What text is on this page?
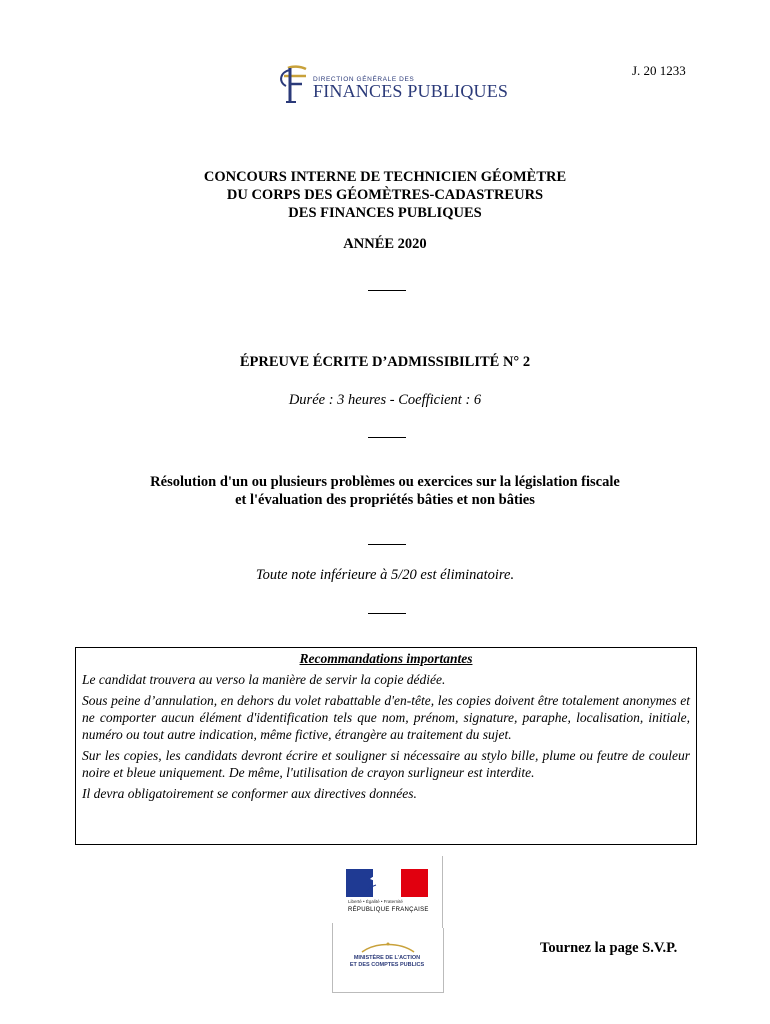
J. 20 1233
DIRECTION GÉNÉRALE DES
FINANCES PUBLIQUES
CONCOURS INTERNE DE TECHNICIEN GÉOMÈTRE
DU CORPS DES GÉOMÈTRES-CADASTREURS
DES FINANCES PUBLIQUES
ANNÉE 2020
ÉPREUVE ÉCRITE D’ADMISSIBILITÉ N° 2
Durée : 3 heures - Coefficient : 6
Résolution d'un ou plusieurs problèmes ou exercices sur la législation fiscale
et l'évaluation des propriétés bâties et non bâties
Toute note inférieure à 5/20 est éliminatoire.
Recommandations importantes

Le candidat trouvera au verso la manière de servir la copie dédiée.

Sous peine d’annulation, en dehors du volet rabattable d'en-tête, les copies doivent être totalement anonymes et ne comporter aucun élément d'identification tels que nom, prénom, signature, paraphe, localisation, initiale, numéro ou tout autre indication, même fictive, étrangère au traitement du sujet.

Sur les copies, les candidats devront écrire et souligner si nécessaire au stylo bille, plume ou feutre de couleur noire et bleue uniquement. De même, l'utilisation de crayon surligneur est interdite.

Il devra obligatoirement se conformer aux directives données.

Liberté • Égalité • Fraternité
RÉPUBLIQUE FRANÇAISE
MINISTÈRE DE L’ACTION
ET DES COMPTES PUBLICS
Tournez la page S.V.P.
